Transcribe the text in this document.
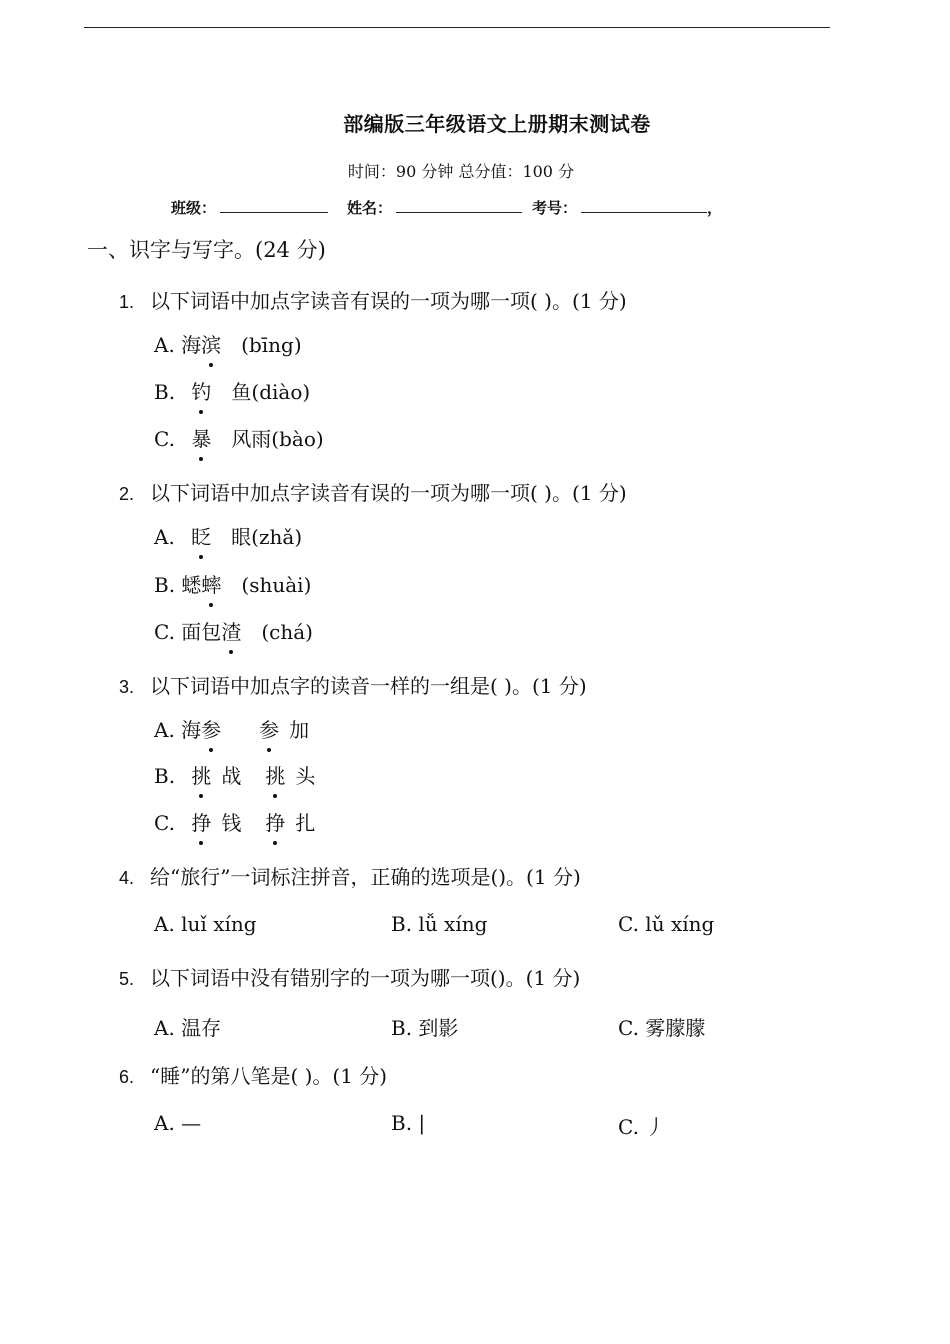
部编版三年级语文上册期末测试卷
时间：90 分钟 总分值：100 分
班级：	姓名：	考号：	，
一、识字与写字。(24 分)
1. 以下词语中加点字读音有误的一项为哪一项( )。(1 分)
A. 海滨 (bīng)
B. 钓 鱼(diào)
C. 暴 风雨(bào)
2. 以下词语中加点字读音有误的一项为哪一项( )。(1 分)
A. 眨 眼(zhǎ)
B. 蟋蟀 (shuài)
C. 面包渣 (chá)
3. 以下词语中加点字的读音一样的一组是( )。(1 分)
A. 海参 参 加
B. 挑 战 挑 头
C. 挣 钱 挣 扎
4. 给“旅行”一词标注拼音，正确的选项是()。(1 分)
A. luǐ xíng	B. lǚ xíng	C. lǔ xíng
5. 以下词语中没有错别字的一项为哪一项()。(1 分)
A. 温存	B. 到影	C. 雾朦朦
6. “睡”的第八笔是( )。(1 分)
A. —	B. |	C. 丿
